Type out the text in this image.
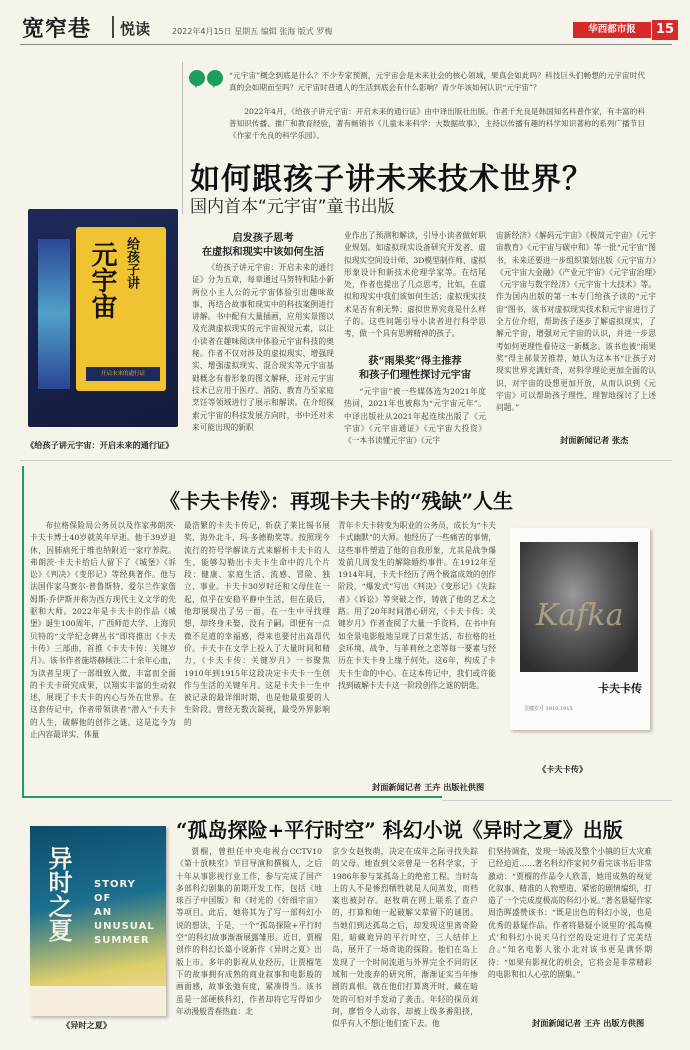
宽窄巷 悦读	2022年4月15日 星期五 编辑 张海 版式 罗梅	华西都市报	15

“元宇宙”概念到底是什么？不少专家预测，元宇宙会是未来社会的核心领域，果真会如此吗？科技巨头们畅想的元宇宙时代真的会如期而至吗？元宇宙时普通人的生活到底会有什么影响？青少年该如何认识“元宇宙”？

2022年4月，《给孩子讲元宇宙：开启未来的通行证》由中译出版社出版。作者千允良是韩国知名科普作家，有丰富的科普知识传播、推广和教育经验，著有畅销书《儿童未来科学：大数据故事》，主持以传播有趣的科学知识著称的系列广播节目《作家千允良的科学乐园》。

如何跟孩子讲未来技术世界？
国内首本“元宇宙”童书出版
元宇宙 给孩子讲
开启未来的通行证
《给孩子讲元宇宙：开启未来的通行证》
启发孩子思考
在虚拟和现实中该如何生活

《给孩子讲元宇宙：开启未来的通行证》分为五章，每章通过马努特和陆小新两位小主人公的元宇宙体验引出趣味故事，再结合故事和现实中的科技案例进行讲解。书中配有大量插画，应用实景图以及充满虚拟现实的元宇宙视觉元素，以让小读者在趣味阅读中体验元宇宙科技的奥秘。作者不仅对涉及的虚拟现实、增强现实、增强虚拟现实、混合现实等元宇宙基础概念有着形象的图文解释，还对元宇宙技术已应用于医疗、消防、教育乃至家庭烹饪等领域进行了展示和解读。在介绍探索元宇宙的科技发展方向时，书中还对未来可能出现的新职

业作出了预测和解读，引导小读者做好职业规划。如虚拟现实设备研究开发者、虚拟现实空间设计师、3D模型制作师、虚拟形象设计和新技术伦理学家等。在结尾处，作者也提出了几点思考，比如，在虚拟和现实中我们该如何生活；虚拟现实技术是否有利无弊；虚拟世界究竟是什么样子的。这些问题引导小读者进行科学思考，做一个具有思辨精神的孩子。

获“雨果奖”得主推荐
和孩子们理性探讨元宇宙

“元宇宙”被一些媒体选为2021年度热词，2021年也被称为“元宇宙元年”。中译出版社从2021年起连续出版了《元宇宙》《元宇宙通证》《元宇宙大投资》《一本书读懂元宇宙》《元宇

宙新经济》《解码元宇宙》《极简元宇宙》《元宇宙教育》《元宇宙与碳中和》等一批“元宇宙”图书，未来还要进一步组织策划出版《元宇宙力》《元宇宙大金融》《产业元宇宙》《元宇宙治理》《元宇宙与数字经济》《元宇宙十大技术》等。作为国内出版的第一本专门给孩子读的“元宇宙”图书，该书对虚拟现实技术和元宇宙进行了全方位介绍，帮助孩子逐步了解虚拟现实，了解元宇宙，增强对元宇宙的认识，并进一步思考如何更理性看待这一新概念。该书也被“雨果奖”得主郝景芳推荐，她认为这本书“让孩子对现实世界充满好奇，对科学理论更加全面的认识，对宇宙的设想更加开放，从而认识到《元宇宙》可以帮助孩子理性、理智地探讨了上述问题。”

封面新闻记者 张杰
《卡夫卡传》：再现卡夫卡的“残缺”人生

布拉格保险局公务员以及作家弗朗茨·卡夫卡博士40岁就英年早逝。他于39岁退休，因肺病死于维也纳附近一家疗养院。弗朗茨·卡夫卡给后人留下了《城堡》《诉讼》《判决》《变形记》等经典著作。他与法国作家马赛尔·普鲁斯特、爱尔兰作家詹姆斯·乔伊斯并称为西方现代主义文学的先驱和大师。2022年是卡夫卡的作品《城堡》诞生100周年，广西师范大学、上海贝贝特的“文学纪念碑丛书”即将推出《卡夫卡传》三部曲，首推《卡夫卡传：关键岁月》。该书作者施塔赫倾注二十余年心血，为读者呈现了一部细致入微、丰富而全面的卡夫卡研究成果，以翔实丰富的生动叙述，展现了卡夫卡的内心与外在世界。在这套传记中，作者带领读者“潜入”卡夫卡的人生，破解他的创作之谜。这是迄今为止内容最详实、体量

最浩繁的卡夫卡传记，斩获了莱比锡书展奖、海外北斗、玛·多德勒奖等。按照现今流行的符号学解读方式来解析卡夫卡的人生，能够勾勒出卡夫卡生命中的几个片段：健康、家庭生活、流感、冒险、独立、事业。卡夫卡30岁时还和父母住在一起，似乎在安稳平静中生活，但在最后，他却展现出了另一面，在一生中寻找理想，却终身未娶，没有子嗣。即便有一点微不足道的幸福感，得来也要付出高昂代价。卡夫卡在文学上投入了大量时间和精力，《卡夫卡传：关键岁月》一书聚焦1910年到1915年这段决定卡夫卡一生创作与生活的关键年月。这是卡夫卡一生中被记录的最详细时期，也是他最重要的人生阶段。曾经无数次凝视，最受外界影响的

青年卡夫卡转变为职业的公务员，成长为“卡夫卡式幽默”的大师。他经历了一些痛苦的事情，这些事件塑造了他的自我形象，尤其是战争爆发前几周发生的解除婚约事件。在1912年至1914年间，卡夫卡经历了两个极富成效的创作阶段，“爆发式”写出《判决》《变形记》《失踪者》《诉讼》等突破之作，铸就了他的艺术之路。用了20年时间潜心研究，《卡夫卡传：关键岁月》作者查阅了大量一手资料，在书中有如全景电影般地呈现了日常生活、布拉格的社会环境、战争、与菲莉丝之恋等每一要素与经历在卡夫卡身上缘于何处。这6年，构成了卡夫卡生命的中心。在这本传记中，我们或许能找到破解卡夫卡这一阶段创作之谜的钥匙。

封面新闻记者 王卉 出版社供图
Kafka
卡夫卡传
关键岁月 1910-1915
《卡夫卡传》
“孤岛探险+平行时空” 科幻小说《异时之夏》出版
异时之夏 STORY
OF
AN
UNUSUAL
SUMMER
《异时之夏》

贾榴，曾担任中央电视台CCTV10《第十放映室》节目导演和撰稿人，之后十年从事影视行业工作，参与完成了国产多部科幻剧集的前期开发工作，包括《地球百子中国版》和《时光的《奸细宇宙》等项目。此后，她将其为了写一部科幻小说的想法，于是，一个“孤岛探险+平行时空”的科幻故事渐渐展露雏形。近日，贾榴创作的科幻长篇小说新作《异时之夏》出版上市。多年的影视从业经历，让贾榴笔下的故事拥有成熟的商业叙事和电影般的画面感，故事张弛有度，紧凑得当。该书虽是一部硬核科幻，作者却将它写得如少年动漫般青春热血：北

京少女赵牧萌，决定在成年之际寻找失踪的父母。她查到父亲曾是一名科学家，于1986年参与某孤岛上的绝密工程。当时岛上的人不是惨烈牺牲就是人间蒸发，而档案也被封存。赵牧萌在网上联系了查户的，打算和她一起破解父辈留下的谜团。当她们到达孤岛之后，却发现这里离奇险阻，暗藏诡异的平行时空，三人结伴上岛，展开了一场奇诡的探险。他们在岛上发现了一个时间流逝与外界完全不同的区域和一处废弃的研究所，渐渐证实当年惨剧的真相。就在他们打算离开时，藏在暗处的可怕对手发动了袭击。年轻的探员刘珂，廖哲令人动容，却被上级多番阻挠，似乎有人不想让他们查下去。他

们坚持调查，发现一场波及整个小镇的巨大灾难已经迫近……著名科幻作家何夕看完该书后非常激动：“贾榴的作品令人欣喜，她用成熟的视觉化叙事、精准的人物塑造、紧密的剧情编织，打造了一个完成度极高的科幻小说。”著名悬疑作家周浩晖盛赞该书：“既是出色的科幻小说，也是优秀的悬疑作品。作者将悬疑小说里的‘孤岛模式’和科幻小说天马行空的设定进行了完美结合。”知名电影人张小北对该书更是满怀期待：“如果有影视化的机会，它将会是非常精彩的电影和扣人心弦的剧集。”

封面新闻记者 王卉 出版方供图
